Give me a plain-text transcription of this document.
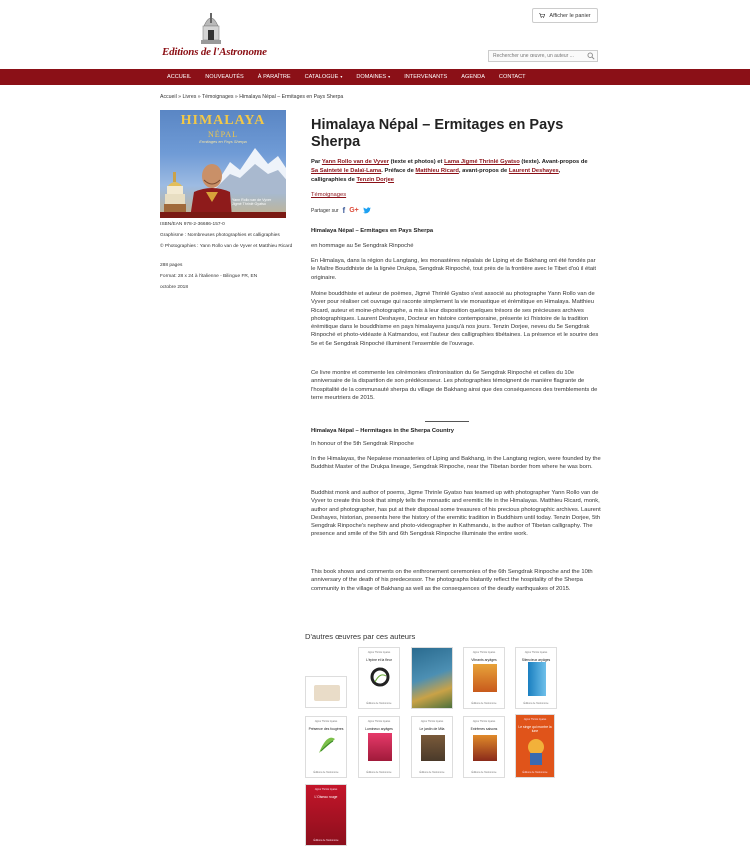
Editions de l'Astronome
Afficher le panier
Rechercher une œuvre, un auteur ...
ACCUEIL	NOUVEAUTÉS	À PARAÎTRE	CATALOGUE ▾	DOMAINES ▾	INTERVENANTS	AGENDA	CONTACT
Accueil » Livres » Témoignages » Himalaya Népal – Ermitages en Pays Sherpa
HIMALAYA
NÉPAL
Ermitages en Pays Sherpa
Yann Rollo van de Vyver
Jigmé Thrinlé Gyatso
ISBN/EAN 978-2-36686-157-0
Graphisme : Nombreuses photographies et calligraphies
© Photographies : Yann Rollo van de Vyver et Matthieu Ricard
288 pages
Format: 28 x 24 à l'italienne - Bilingue FR, EN
octobre 2018
Himalaya Népal – Ermitages en Pays Sherpa
Par Yann Rollo van de Vyver (texte et photos) et Lama Jigmé Thrinlé Gyatso (texte). Avant-propos de Sa Sainteté le Dalaï-Lama. Préface de Matthieu Ricard, avant-propos de Laurent Deshayes, calligraphies de Tenzin Dorjee
Témoignages
Partager sur f G+
Himalaya Népal – Ermitages en Pays Sherpa
en hommage au 5e Sengdrak Rinpoché
En Himalaya, dans la région du Langtang, les monastères népalais de Liping et de Bakhang ont été fondés par le Maître Bouddhiste de la lignée Drukpa, Sengdrak Rinpoché, tout près de la frontière avec le Tibet d'où il était originaire.
Moine bouddhiste et auteur de poèmes, Jigmé Thrinlé Gyatso s'est associé au photographe Yann Rollo van de Vyver pour réaliser cet ouvrage qui raconte simplement la vie monastique et érémitique en Himalaya. Matthieu Ricard, auteur et moine-photographe, a mis à leur disposition quelques trésors de ses précieuses archives photographiques. Laurent Deshayes, Docteur en histoire contemporaine, présente ici l'histoire de la tradition érémitique dans le bouddhisme en pays himalayens jusqu'à nos jours. Tenzin Dorjee, neveu du 5e Sengdrak Rinpoché et photo-vidéaste à Katmandou, est l'auteur des calligraphies tibétaines. La présence et le sourire des 5e et 6e Sengdrak Rinpoché illuminent l'ensemble de l'ouvrage.
Ce livre montre et commente les cérémonies d'intronisation du 6e Sengdrak Rinpoché et celles du 10e anniversaire de la disparition de son prédécesseur. Les photographies témoignent de manière flagrante de l'hospitalité de la communauté sherpa du village de Bakhang ainsi que des conséquences des tremblements de terre meurtriers de 2015.
Himalaya Népal – Hermitages in the Sherpa Country
In honour of the 5th Sengdrak Rinpoche
In the Himalayas, the Nepalese monasteries of Liping and Bakhang, in the Langtang region, were founded by the Buddhist Master of the Drukpa lineage, Sengdrak Rinpoche, near the Tibetan border from where he was born.
Buddhist monk and author of poems, Jigme Thrinle Gyatso has teamed up with photographer Yann Rollo van de Vyver to create this book that simply tells the monastic and eremitic life in the Himalayas. Matthieu Ricard, monk, author and photographer, has put at their disposal some treasures of his precious photographic archives. Laurent Deshayes, historian, presents here the history of the eremitic tradition in Buddhism until today. Tenzin Dorjee, 5th Sengdrak Rinpoche's nephew and photo-videographer in Kathmandu, is the author of Tibetan calligraphy. The presence and smile of the 5th and 6th Sengdrak Rinpoche illuminate the entire work.
This book shows and comments on the enthronement ceremonies of the 6th Sengdrak Rinpoche and the 10th anniversary of the death of his predecessor. The photographs blatantly reflect the hospitality of the Sherpa community in the village of Bakhang as well as the consequences of the deadly earthquakes of 2015.
D'autres œuvres par ces auteurs
Jigmé Thrinlé Gyatso
L'épine et la fleur
Éditions de l'Astronome
Jigmé Thrinlé Gyatso
Vibrants aryâges
Éditions de l'Astronome
Jigmé Thrinlé Gyatso
Silencieux aryâges
Éditions de l'Astronome
Jigmé Thrinlé Gyatso
Présence des fougères
Éditions de l'Astronome
Jigmé Thrinlé Gyatso
Lumineux aryâges
Éditions de l'Astronome
Jigmé Thrinlé Gyatso
Le jardin de Mila
Éditions de l'Astronome
Jigmé Thrinlé Gyatso
Extrêmes saisons
Éditions de l'Astronome
Jigmé Thrinlé Gyatso
Le singe qui montre la lune
Éditions de l'Astronome
Jigmé Thrinlé Gyatso
L'Oiseau rouge
Éditions de l'Astronome
